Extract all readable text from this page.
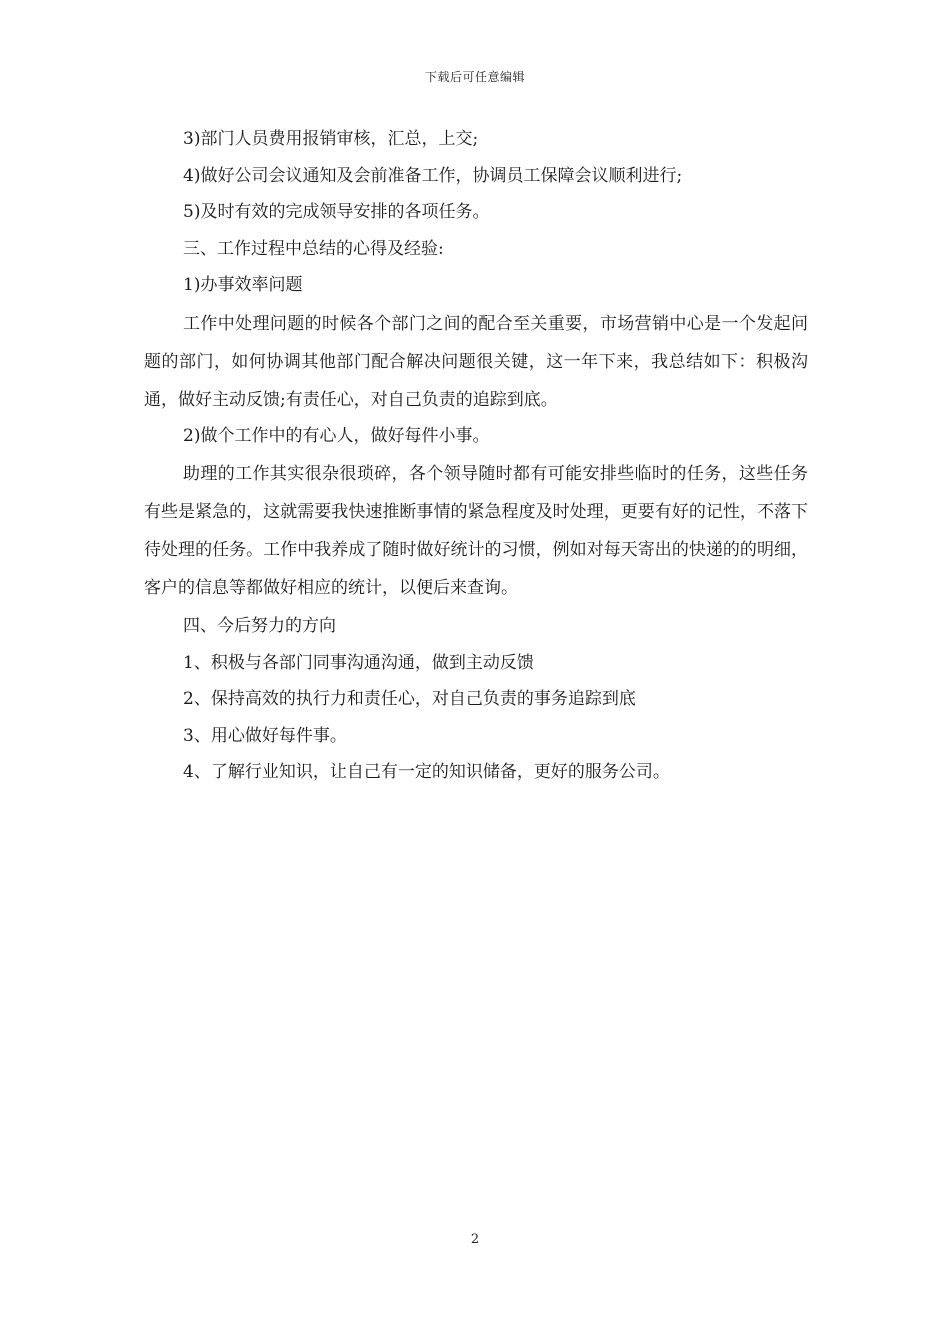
下载后可任意编辑

3)部门人员费用报销审核，汇总，上交;

4)做好公司会议通知及会前准备工作，协调员工保障会议顺利进行;

5)及时有效的完成领导安排的各项任务。

三、工作过程中总结的心得及经验:

1)办事效率问题

工作中处理问题的时候各个部门之间的配合至关重要，市场营销中心是一个发起问题的部门，如何协调其他部门配合解决问题很关键，这一年下来，我总结如下：积极沟通，做好主动反馈;有责任心，对自己负责的追踪到底。

2)做个工作中的有心人，做好每件小事。

助理的工作其实很杂很琐碎，各个领导随时都有可能安排些临时的任务，这些任务有些是紧急的，这就需要我快速推断事情的紧急程度及时处理，更要有好的记性，不落下待处理的任务。工作中我养成了随时做好统计的习惯，例如对每天寄出的快递的的明细，客户的信息等都做好相应的统计，以便后来查询。

四、今后努力的方向

1、积极与各部门同事沟通沟通，做到主动反馈

2、保持高效的执行力和责任心，对自己负责的事务追踪到底

3、用心做好每件事。

4、了解行业知识，让自己有一定的知识储备，更好的服务公司。

2
